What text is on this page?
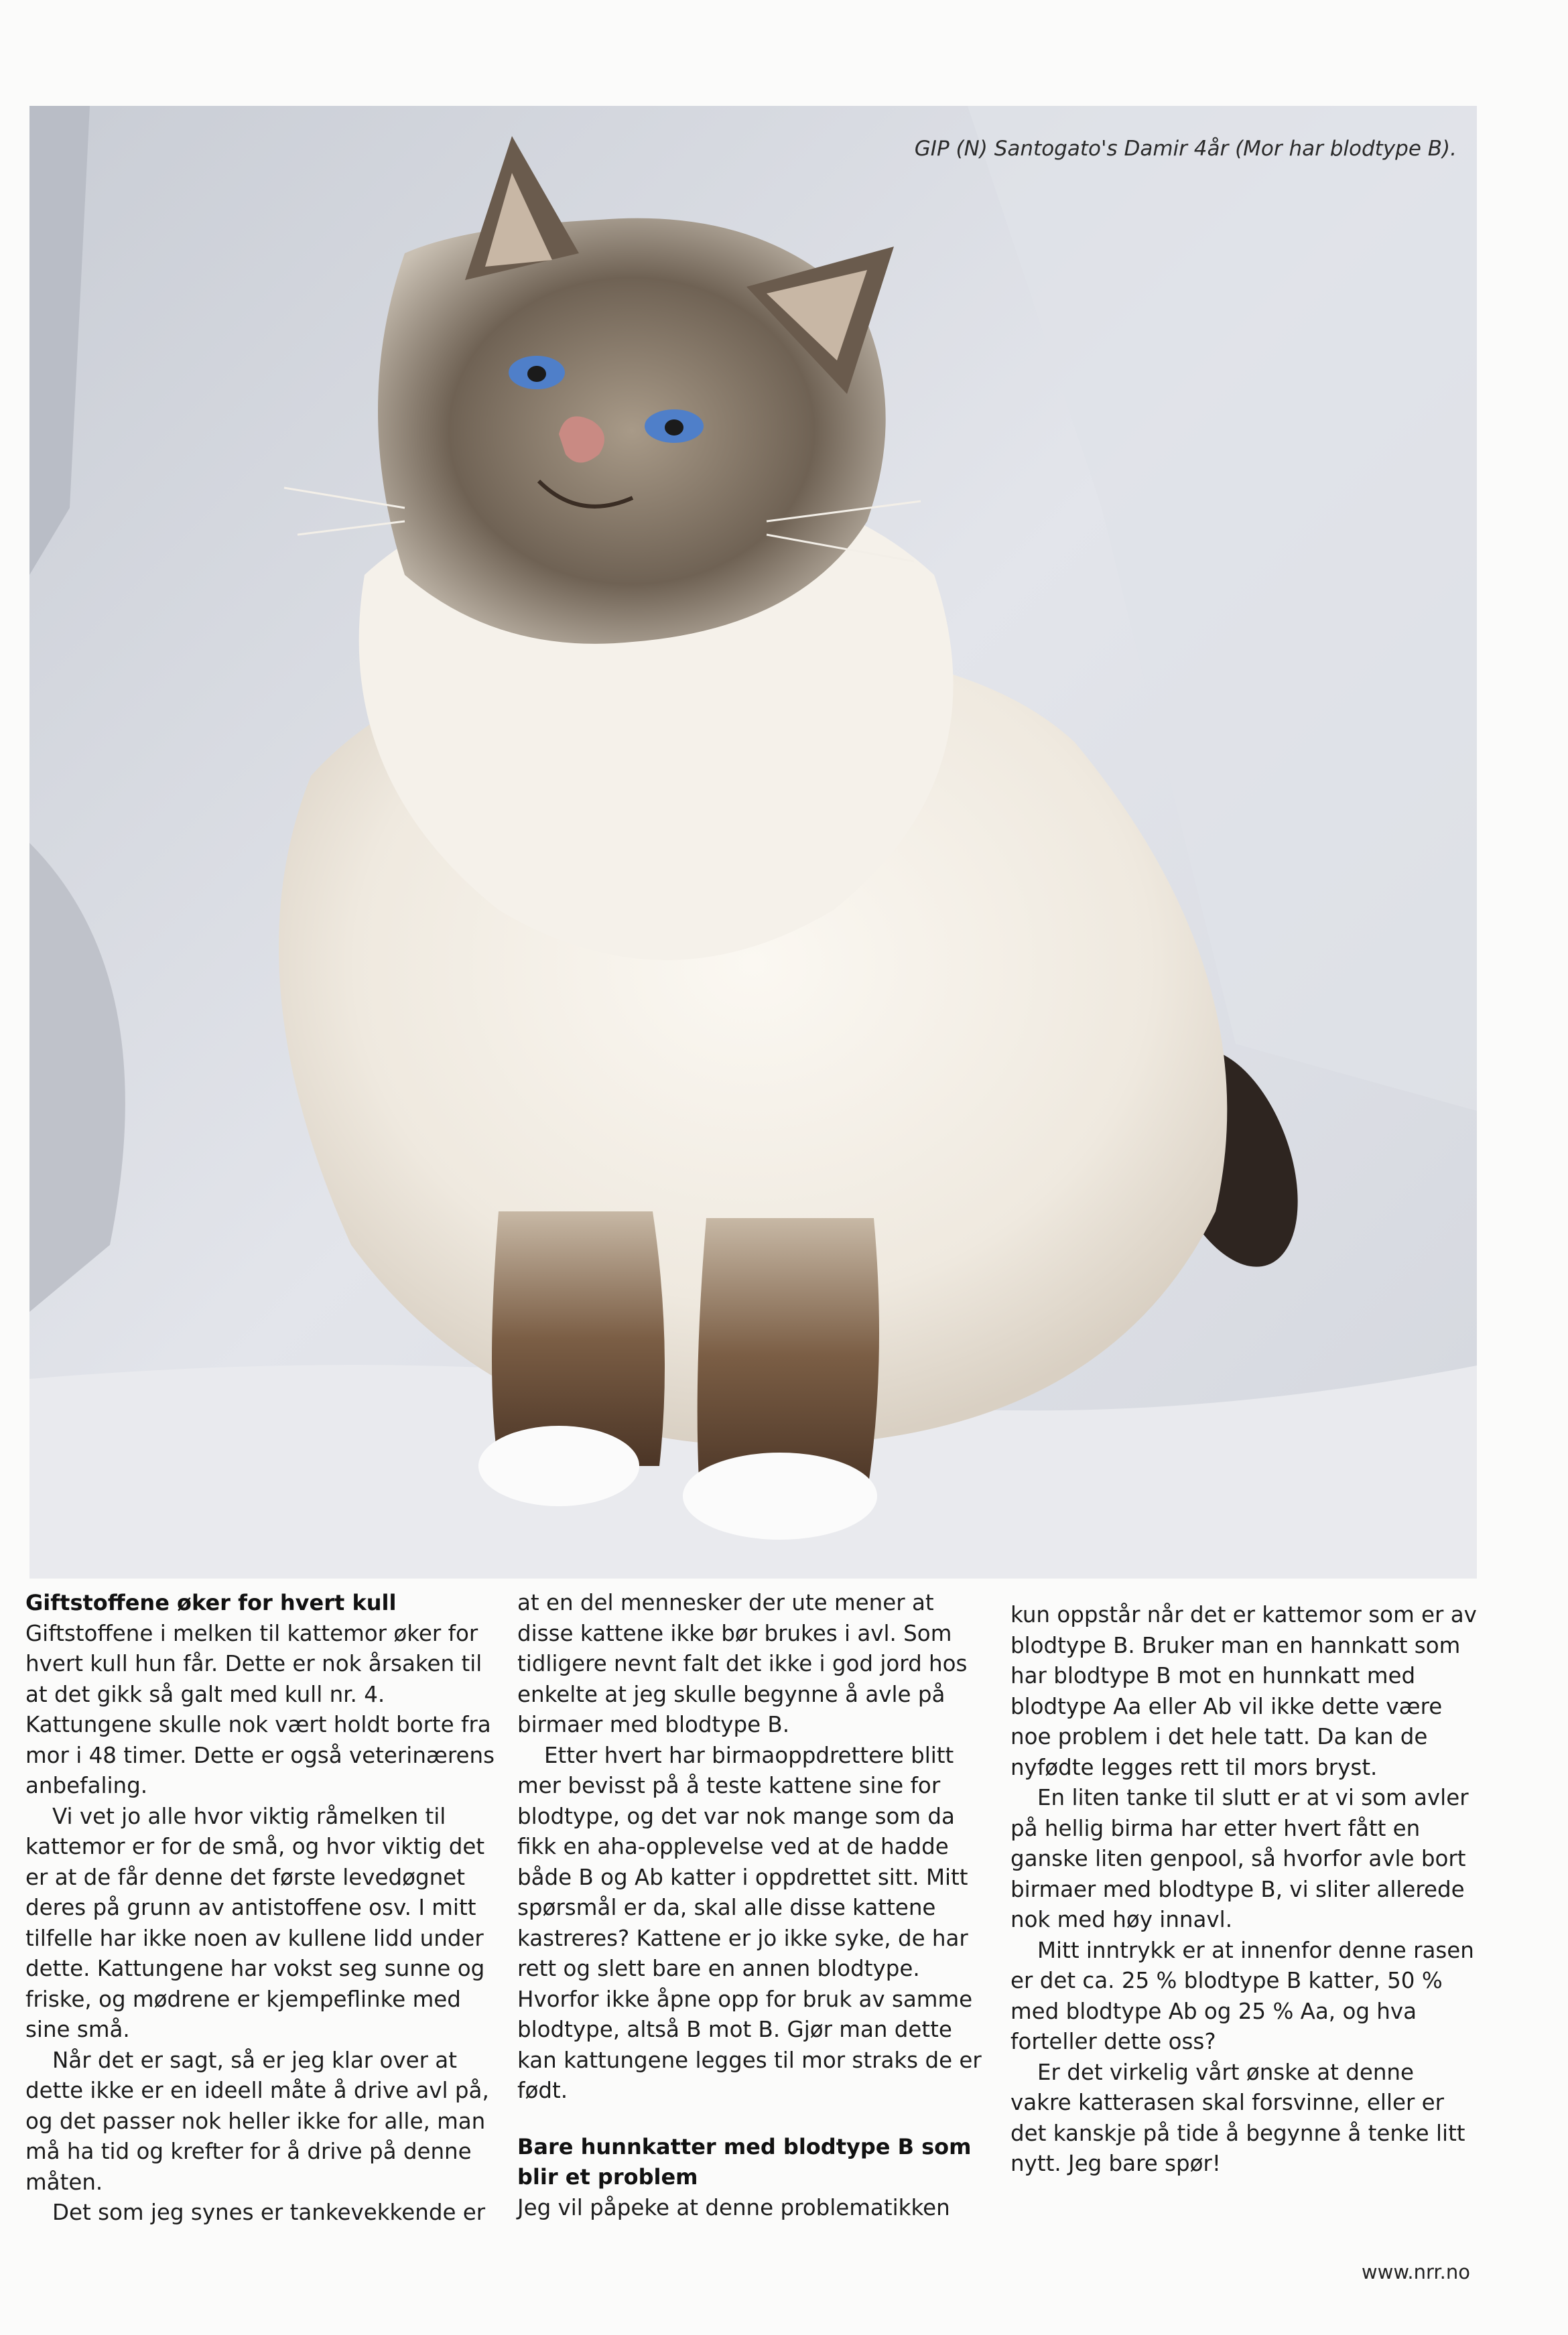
GIP (N) Santogato's Damir 4år (Mor har blodtype B).

Giftstoffene øker for hvert kull

Giftstoffene i melken til kattemor øker for hvert kull hun får. Dette er nok årsaken til at det gikk så galt med kull nr. 4. Kattungene skulle nok vært holdt borte fra mor i 48 timer. Dette er også veterinærens anbefaling.

Vi vet jo alle hvor viktig råmelken til kattemor er for de små, og hvor viktig det er at de får denne det første levedøgnet deres på grunn av antistoffene osv. I mitt tilfelle har ikke noen av kullene lidd under dette. Kattungene har vokst seg sunne og friske, og mødrene er kjempeflinke med sine små.

Når det er sagt, så er jeg klar over at dette ikke er en ideell måte å drive avl på, og det passer nok heller ikke for alle, man må ha tid og krefter for å drive på denne måten.

Det som jeg synes er tankevekkende er

at en del mennesker der ute mener at disse kattene ikke bør brukes i avl. Som tidligere nevnt falt det ikke i god jord hos enkelte at jeg skulle begynne å avle på birmaer med blodtype B.

Etter hvert har birmaoppdrettere blitt mer bevisst på å teste kattene sine for blodtype, og det var nok mange som da fikk en aha-opplevelse ved at de hadde både B og Ab katter i oppdrettet sitt. Mitt spørsmål er da, skal alle disse kattene kastreres? Kattene er jo ikke syke, de har rett og slett bare en annen blodtype. Hvorfor ikke åpne opp for bruk av samme blodtype, altså B mot B. Gjør man dette kan kattungene legges til mor straks de er født.

Bare hunnkatter med blodtype B som blir et problem

Jeg vil påpeke at denne problematikken

kun oppstår når det er kattemor som er av blodtype B. Bruker man en hannkatt som har blodtype B mot en hunnkatt med blodtype Aa eller Ab vil ikke dette være noe problem i det hele tatt. Da kan de nyfødte legges rett til mors bryst.

En liten tanke til slutt er at vi som avler på hellig birma har etter hvert fått en ganske liten genpool, så hvorfor avle bort birmaer med blodtype B, vi sliter allerede nok med høy innavl.

Mitt inntrykk er at innenfor denne rasen er det ca. 25 % blodtype B katter, 50 % med blodtype Ab og 25 % Aa, og hva forteller dette oss?

Er det virkelig vårt ønske at denne vakre katterasen skal forsvinne, eller er det kanskje på tide å begynne å tenke litt nytt. Jeg bare spør!

www.nrr.no
